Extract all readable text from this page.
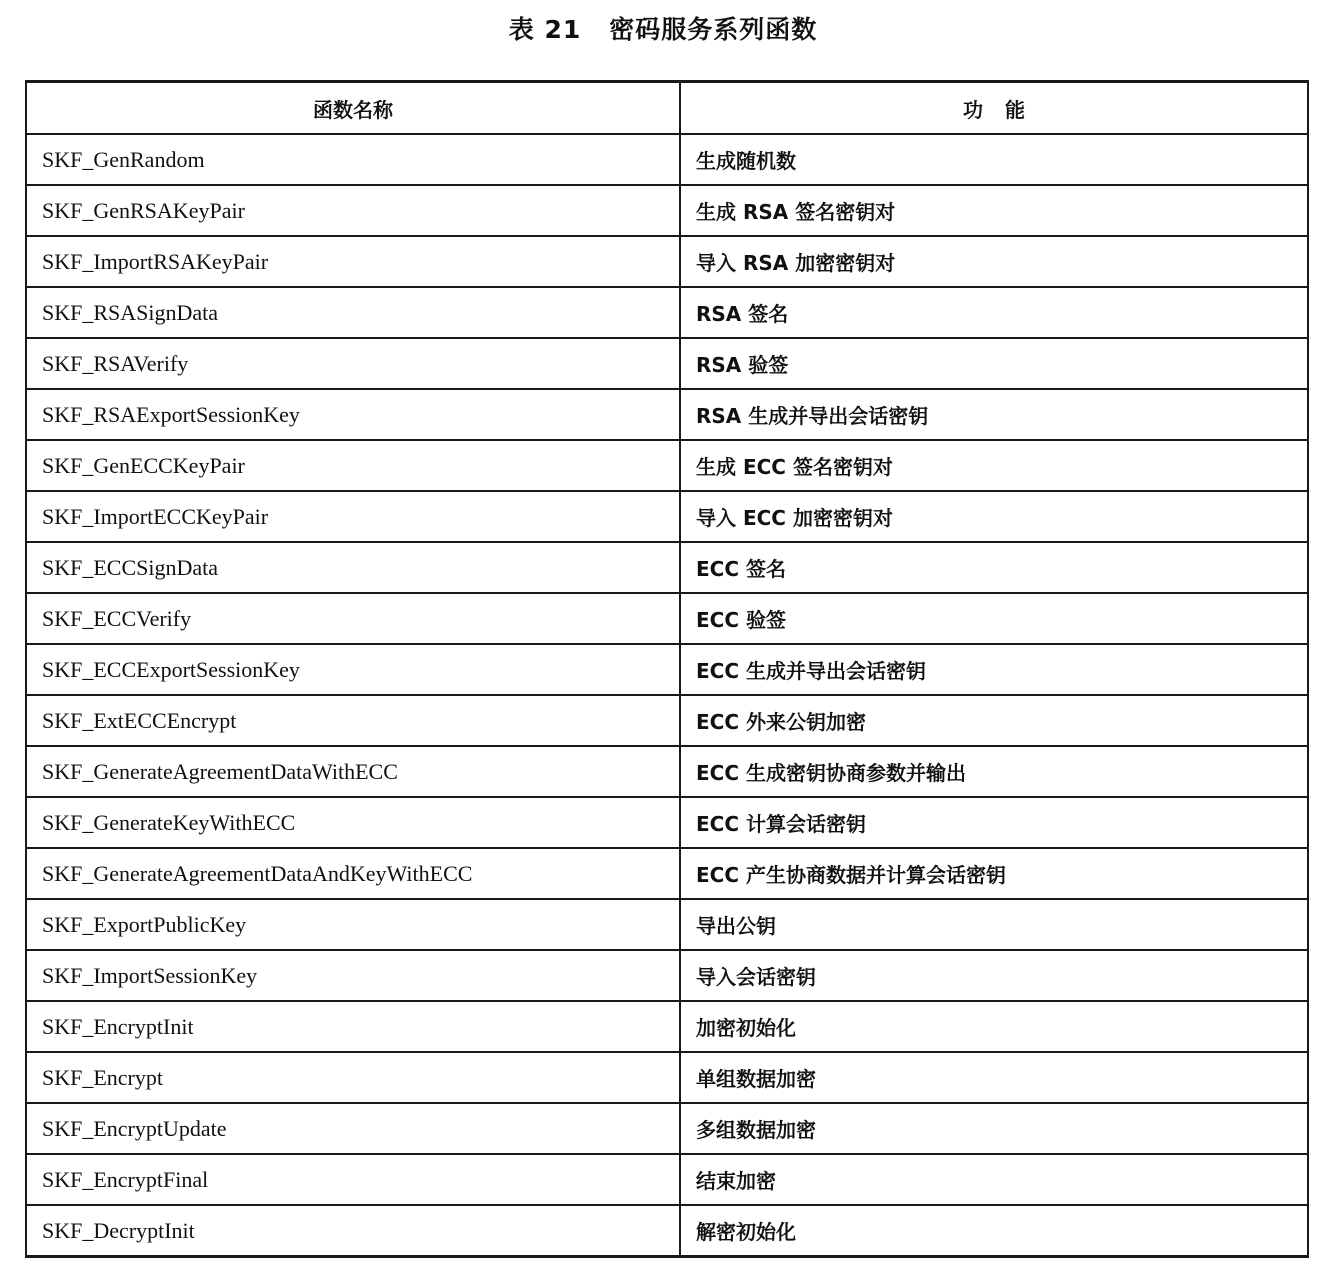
表 21 密码服务系列函数
函数名称	功能
SKF_GenRandom	生成随机数
SKF_GenRSAKeyPair	生成 RSA 签名密钥对
SKF_ImportRSAKeyPair	导入 RSA 加密密钥对
SKF_RSASignData	RSA 签名
SKF_RSAVerify	RSA 验签
SKF_RSAExportSessionKey	RSA 生成并导出会话密钥
SKF_GenECCKeyPair	生成 ECC 签名密钥对
SKF_ImportECCKeyPair	导入 ECC 加密密钥对
SKF_ECCSignData	ECC 签名
SKF_ECCVerify	ECC 验签
SKF_ECCExportSessionKey	ECC 生成并导出会话密钥
SKF_ExtECCEncrypt	ECC 外来公钥加密
SKF_GenerateAgreementDataWithECC	ECC 生成密钥协商参数并输出
SKF_GenerateKeyWithECC	ECC 计算会话密钥
SKF_GenerateAgreementDataAndKeyWithECC	ECC 产生协商数据并计算会话密钥
SKF_ExportPublicKey	导出公钥
SKF_ImportSessionKey	导入会话密钥
SKF_EncryptInit	加密初始化
SKF_Encrypt	单组数据加密
SKF_EncryptUpdate	多组数据加密
SKF_EncryptFinal	结束加密
SKF_DecryptInit	解密初始化
